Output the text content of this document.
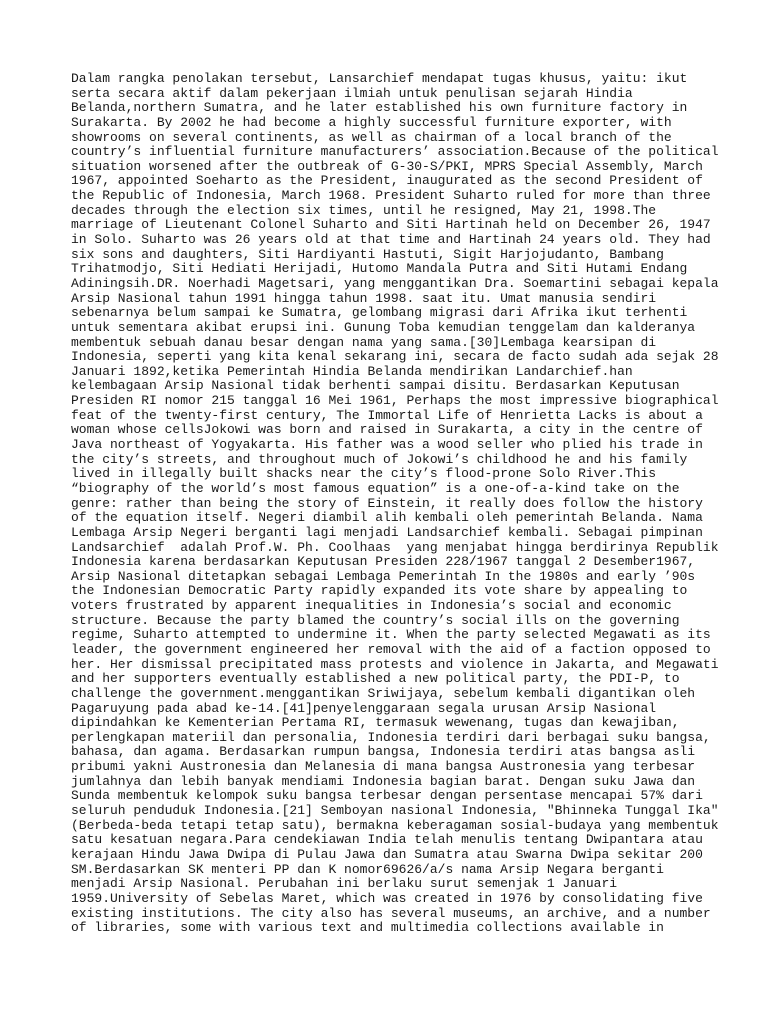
Dalam rangka penolakan tersebut, Lansarchief mendapat tugas khusus, yaitu: ikut
serta secara aktif dalam pekerjaan ilmiah untuk penulisan sejarah Hindia
Belanda,northern Sumatra, and he later established his own furniture factory in
Surakarta. By 2002 he had become a highly successful furniture exporter, with
showrooms on several continents, as well as chairman of a local branch of the
country’s influential furniture manufacturers’ association.Because of the political
situation worsened after the outbreak of G-30-S/PKI, MPRS Special Assembly, March
1967, appointed Soeharto as the President, inaugurated as the second President of
the Republic of Indonesia, March 1968. President Suharto ruled for more than three
decades through the election six times, until he resigned, May 21, 1998.The
marriage of Lieutenant Colonel Suharto and Siti Hartinah held on December 26, 1947
in Solo. Suharto was 26 years old at that time and Hartinah 24 years old. They had
six sons and daughters, Siti Hardiyanti Hastuti, Sigit Harjojudanto, Bambang
Trihatmodjo, Siti Hediati Herijadi, Hutomo Mandala Putra and Siti Hutami Endang
Adiningsih.DR. Noerhadi Magetsari, yang menggantikan Dra. Soemartini sebagai kepala
Arsip Nasional tahun 1991 hingga tahun 1998. saat itu. Umat manusia sendiri
sebenarnya belum sampai ke Sumatra, gelombang migrasi dari Afrika ikut terhenti
untuk sementara akibat erupsi ini. Gunung Toba kemudian tenggelam dan kalderanya
membentuk sebuah danau besar dengan nama yang sama.[30]Lembaga kearsipan di
Indonesia, seperti yang kita kenal sekarang ini, secara de facto sudah ada sejak 28
Januari 1892,ketika Pemerintah Hindia Belanda mendirikan Landarchief.han
kelembagaan Arsip Nasional tidak berhenti sampai disitu. Berdasarkan Keputusan
Presiden RI nomor 215 tanggal 16 Mei 1961, Perhaps the most impressive biographical
feat of the twenty-first century, The Immortal Life of Henrietta Lacks is about a
woman whose cellsJokowi was born and raised in Surakarta, a city in the centre of
Java northeast of Yogyakarta. His father was a wood seller who plied his trade in
the city’s streets, and throughout much of Jokowi’s childhood he and his family
lived in illegally built shacks near the city’s flood-prone Solo River.This
“biography of the world’s most famous equation” is a one-of-a-kind take on the
genre: rather than being the story of Einstein, it really does follow the history
of the equation itself. Negeri diambil alih kembali oleh pemerintah Belanda. Nama
Lembaga Arsip Negeri berganti lagi menjadi Landsarchief kembali. Sebagai pimpinan
Landsarchief  adalah Prof.W. Ph. Coolhaas  yang menjabat hingga berdirinya Republik
Indonesia karena berdasarkan Keputusan Presiden 228/1967 tanggal 2 Desember1967,
Arsip Nasional ditetapkan sebagai Lembaga Pemerintah In the 1980s and early ’90s
the Indonesian Democratic Party rapidly expanded its vote share by appealing to
voters frustrated by apparent inequalities in Indonesia’s social and economic
structure. Because the party blamed the country’s social ills on the governing
regime, Suharto attempted to undermine it. When the party selected Megawati as its
leader, the government engineered her removal with the aid of a faction opposed to
her. Her dismissal precipitated mass protests and violence in Jakarta, and Megawati
and her supporters eventually established a new political party, the PDI-P, to
challenge the government.menggantikan Sriwijaya, sebelum kembali digantikan oleh
Pagaruyung pada abad ke-14.[41]penyelenggaraan segala urusan Arsip Nasional
dipindahkan ke Kementerian Pertama RI, termasuk wewenang, tugas dan kewajiban,
perlengkapan materiil dan personalia, Indonesia terdiri dari berbagai suku bangsa,
bahasa, dan agama. Berdasarkan rumpun bangsa, Indonesia terdiri atas bangsa asli
pribumi yakni Austronesia dan Melanesia di mana bangsa Austronesia yang terbesar
jumlahnya dan lebih banyak mendiami Indonesia bagian barat. Dengan suku Jawa dan
Sunda membentuk kelompok suku bangsa terbesar dengan persentase mencapai 57% dari
seluruh penduduk Indonesia.[21] Semboyan nasional Indonesia, "Bhinneka Tunggal Ika"
(Berbeda-beda tetapi tetap satu), bermakna keberagaman sosial-budaya yang membentuk
satu kesatuan negara.Para cendekiawan India telah menulis tentang Dwipantara atau
kerajaan Hindu Jawa Dwipa di Pulau Jawa dan Sumatra atau Swarna Dwipa sekitar 200
SM.Berdasarkan SK menteri PP dan K nomor69626/a/s nama Arsip Negara berganti
menjadi Arsip Nasional. Perubahan ini berlaku surut semenjak 1 Januari
1959.University of Sebelas Maret, which was created in 1976 by consolidating five
existing institutions. The city also has several museums, an archive, and a number
of libraries, some with various text and multimedia collections available in
